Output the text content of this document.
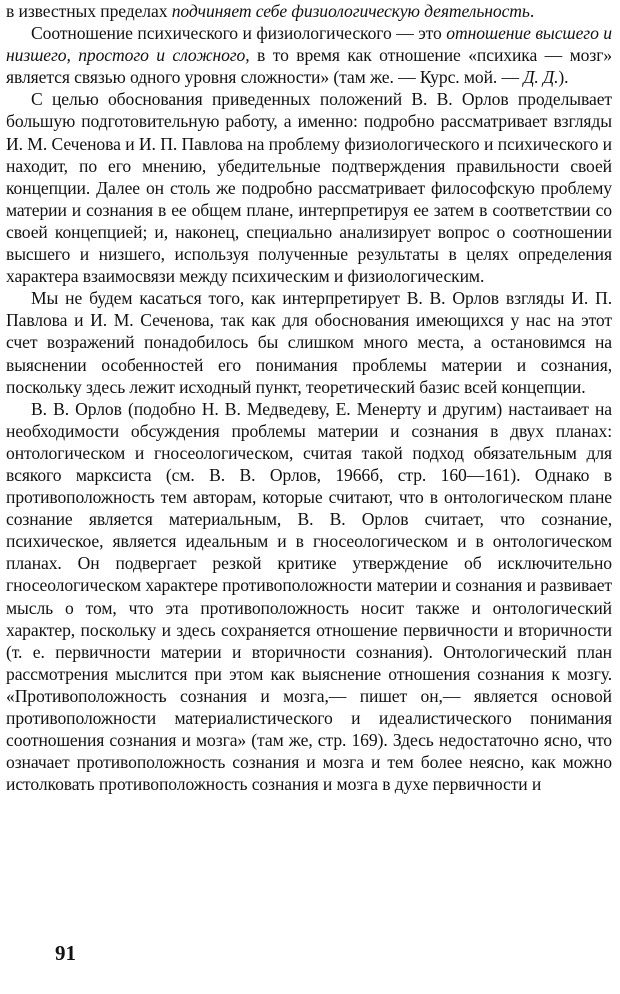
в известных пределах подчиняет себе физиологическую деятельность.

Соотношение психического и физиологического — это отношение высшего и низшего, простого и сложного, в то время как отношение «психика — мозг» является связью одного уровня сложности» (там же. — Курс. мой. — Д. Д.).

С целью обоснования приведенных положений В. В. Орлов проделывает большую подготовительную работу, а именно: подробно рассматривает взгляды И. М. Сеченова и И. П. Павлова на проблему физиологического и психического и находит, по его мнению, убедительные подтверждения правильности своей концепции. Далее он столь же подробно рассматривает философскую проблему материи и сознания в ее общем плане, интерпретируя ее затем в соответствии со своей концепцией; и, наконец, специально анализирует вопрос о соотношении высшего и низшего, используя полученные результаты в целях определения характера взаимосвязи между психическим и физиологическим.

Мы не будем касаться того, как интерпретирует В. В. Орлов взгляды И. П. Павлова и И. М. Сеченова, так как для обоснования имеющихся у нас на этот счет возражений понадобилось бы слишком много места, а остановимся на выяснении особенностей его понимания проблемы материи и сознания, поскольку здесь лежит исходный пункт, теоретический базис всей концепции.

В. В. Орлов (подобно Н. В. Медведеву, Е. Менерту и другим) настаивает на необходимости обсуждения проблемы материи и сознания в двух планах: онтологическом и гносеологическом, считая такой подход обязательным для всякого марксиста (см. В. В. Орлов, 1966б, стр. 160—161). Однако в противоположность тем авторам, которые считают, что в онтологическом плане сознание является материальным, В. В. Орлов считает, что сознание, психическое, является идеальным и в гносеологическом и в онтологическом планах. Он подвергает резкой критике утверждение об исключительно гносеологическом характере противоположности материи и сознания и развивает мысль о том, что эта противоположность носит также и онтологический характер, поскольку и здесь сохраняется отношение первичности и вторичности (т. е. первичности материи и вторичности сознания). Онтологический план рассмотрения мыслится при этом как выяснение отношения сознания к мозгу. «Противоположность сознания и мозга,— пишет он,— является основой противоположности материалистического и идеалистического понимания соотношения сознания и мозга» (там же, стр. 169). Здесь недостаточно ясно, что означает противоположность сознания и мозга и тем более неясно, как можно истолковать противоположность сознания и мозга в духе первичности и

91
